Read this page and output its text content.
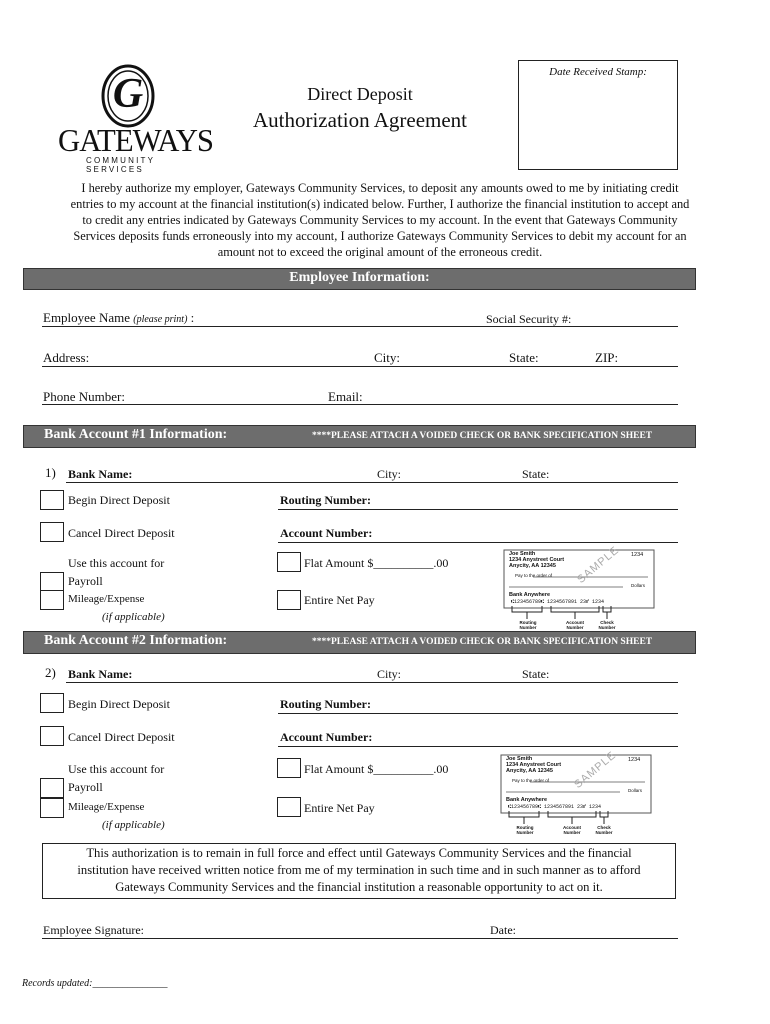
G
GATEWAYS
COMMUNITY SERVICES
Direct Deposit
Authorization Agreement
Date Received Stamp:
I hereby authorize my employer, Gateways Community Services, to deposit any amounts owed to me by initiating credit
entries to my account at the financial institution(s) indicated below. Further, I authorize the financial institution to accept and
to credit any entries indicated by Gateways Community Services to my account. In the event that Gateways Community
Services deposits funds erroneously into my account, I authorize Gateways Community Services to debit my account for an
amount not to exceed the original amount of the erroneous credit.
Employee Information:
Employee Name (please print) :	Social Security #:
Address:	City:	State:	ZIP:
Phone Number:	Email:
Bank Account #1 Information:	****PLEASE ATTACH A VOIDED CHECK OR BANK SPECIFICATION SHEET
1) Bank Name:	City:	State:
Begin Direct Deposit	Routing Number:
Cancel Direct Deposit	Account Number:
Use this account for
Payroll
Mileage/Expense
(if applicable)
Flat Amount $__________.00
Entire Net Pay
Joe Smith
1234 Anystreet Court
Anycity, AA 12345
1234
Pay to the order of
Dollars
Bank Anywhere
⑆123456789⑆ 1234567891 23⑈ 1234
SAMPLE
Routing Number
Account Number
Check Number
Bank Account #2 Information:	****PLEASE ATTACH A VOIDED CHECK OR BANK SPECIFICATION SHEET
2) Bank Name:	City:	State:
Begin Direct Deposit	Routing Number:
Cancel Direct Deposit	Account Number:
Use this account for
Payroll
Mileage/Expense
(if applicable)
Flat Amount $__________.00
Entire Net Pay
Joe Smith
1234 Anystreet Court
Anycity, AA 12345
1234
Pay to the order of
Dollars
Bank Anywhere
⑆123456789⑆ 1234567891 23⑈ 1234
SAMPLE
Routing Number
Account Number
Check Number
This authorization is to remain in full force and effect until Gateways Community Services and the financial
institution have received written notice from me of my termination in such time and in such manner as to afford
Gateways Community Services and the financial institution a reasonable opportunity to act on it.
Employee Signature:	Date:
Records updated:_______________
